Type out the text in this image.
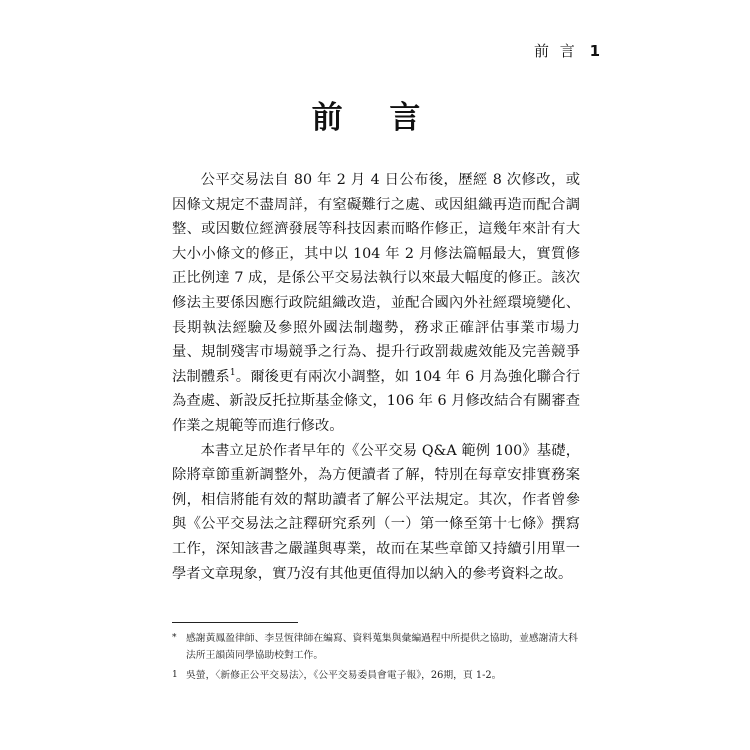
前 言 1
前 言

公平交易法自 80 年 2 月 4 日公布後，歷經 8 次修改，或因條文規定不盡周詳，有窒礙難行之處、或因組織再造而配合調整、或因數位經濟發展等科技因素而略作修正，這幾年來計有大大小小條文的修正，其中以 104 年 2 月修法篇幅最大，實質修正比例達 7 成，是係公平交易法執行以來最大幅度的修正。該次修法主要係因應行政院組織改造，並配合國內外社經環境變化、長期執法經驗及參照外國法制趨勢，務求正確評估事業市場力量、規制殘害市場競爭之行為、提升行政罰裁處效能及完善競爭法制體系$^1$。爾後更有兩次小調整，如 104 年 6 月為強化聯合行為查處、新設反托拉斯基金條文，106 年 6 月修改結合有關審查作業之規範等而進行修改。

本書立足於作者早年的《公平交易 Q&A 範例 100》基礎，除將章節重新調整外，為方便讀者了解，特別在每章安排實務案例，相信將能有效的幫助讀者了解公平法規定。其次，作者曾參與《公平交易法之註釋研究系列（一）第一條至第十七條》撰寫工作，深知該書之嚴謹與專業，故而在某些章節又持續引用單一學者文章現象，實乃沒有其他更值得加以納入的參考資料之故。

* 感謝黃鳳盈律師、李昱恆律師在編寫、資料蒐集與彙編過程中所提供之協助，並感謝清大科法所王韻茵同學協助校對工作。
1 吳螢，〈新修正公平交易法〉，《公平交易委員會電子報》，26期，頁 1-2。
